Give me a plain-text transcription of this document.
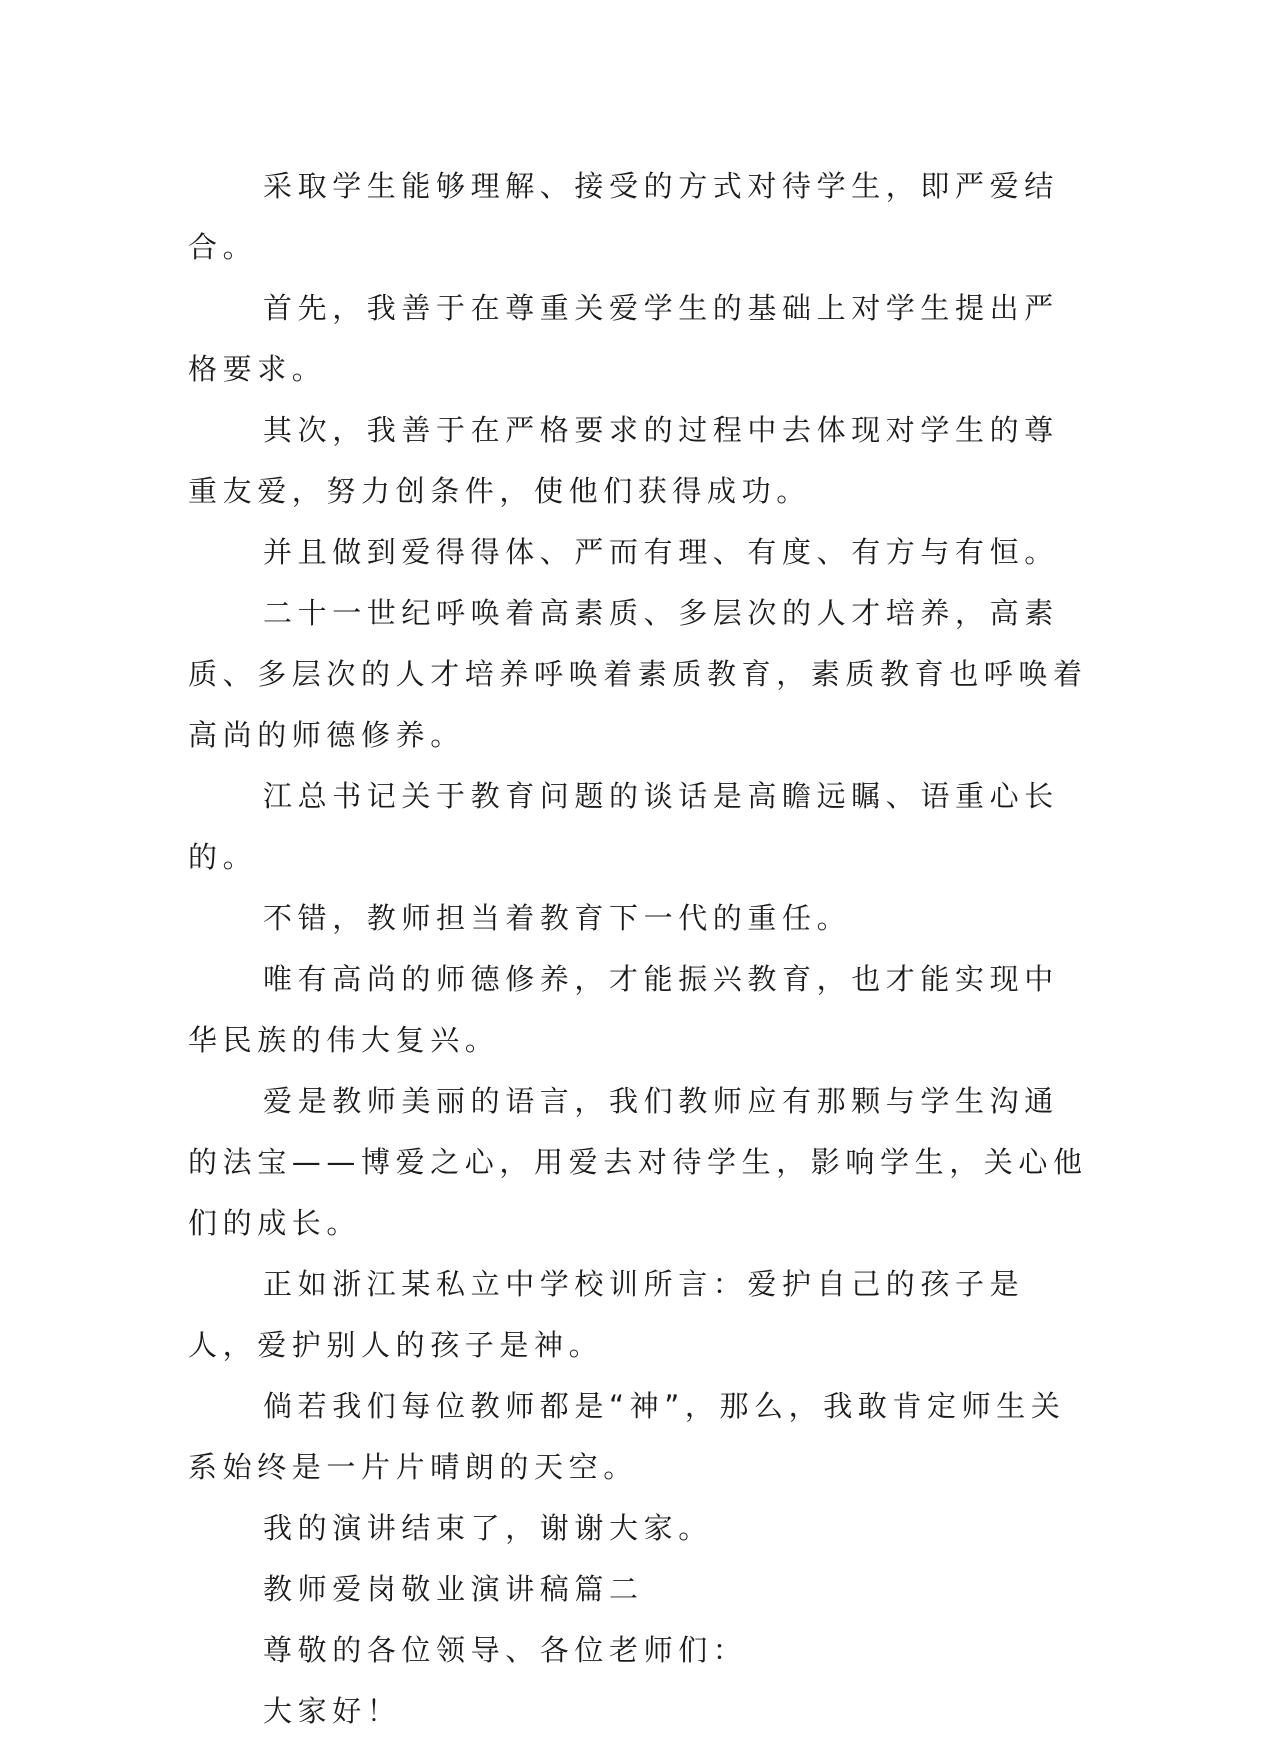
采取学生能够理解、接受的方式对待学生，即严爱结合。

首先，我善于在尊重关爱学生的基础上对学生提出严格要求。

其次，我善于在严格要求的过程中去体现对学生的尊重友爱，努力创条件，使他们获得成功。

并且做到爱得得体、严而有理、有度、有方与有恒。

二十一世纪呼唤着高素质、多层次的人才培养，高素质、多层次的人才培养呼唤着素质教育，素质教育也呼唤着高尚的师德修养。

江总书记关于教育问题的谈话是高瞻远瞩、语重心长的。

不错，教师担当着教育下一代的重任。

唯有高尚的师德修养，才能振兴教育，也才能实现中华民族的伟大复兴。

爱是教师美丽的语言，我们教师应有那颗与学生沟通的法宝——博爱之心，用爱去对待学生，影响学生，关心他们的成长。

正如浙江某私立中学校训所言：爱护自己的孩子是人，爱护别人的孩子是神。

倘若我们每位教师都是“神”，那么，我敢肯定师生关系始终是一片片晴朗的天空。

我的演讲结束了，谢谢大家。

教师爱岗敬业演讲稿篇二

尊敬的各位领导、各位老师们：

大家好！
